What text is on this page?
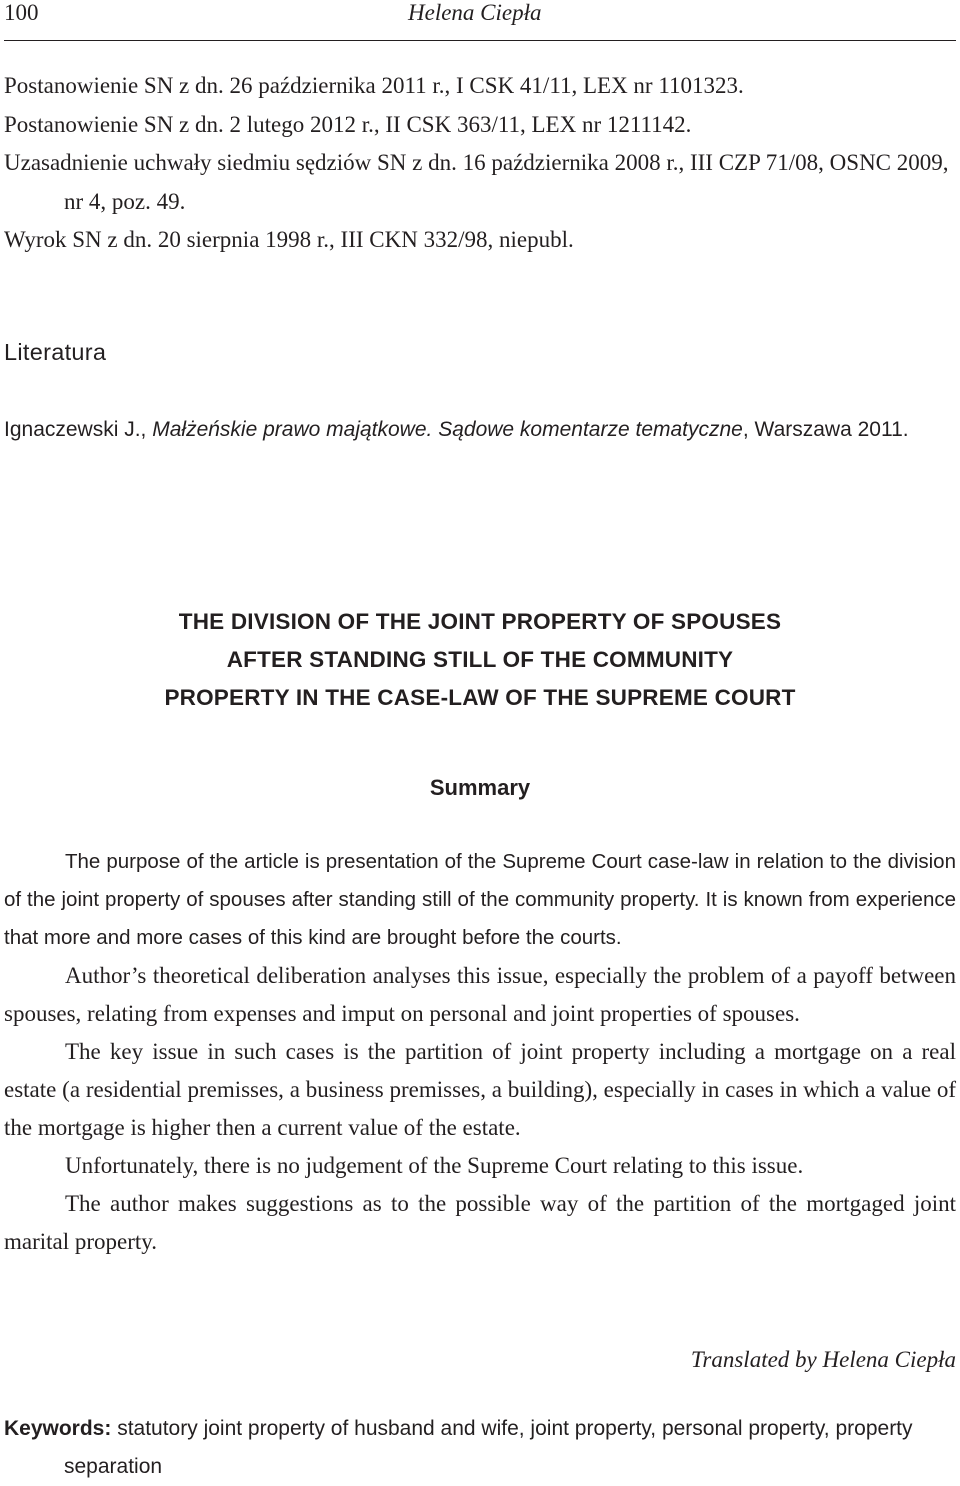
100	Helena Ciepła

Postanowienie SN z dn. 26 października 2011 r., I CSK 41/11, LEX nr 1101323.

Postanowienie SN z dn. 2 lutego 2012 r., II CSK 363/11, LEX nr 1211142.

Uzasadnienie uchwały siedmiu sędziów SN z dn. 16 października 2008 r., III CZP 71/08, OSNC 2009, nr 4, poz. 49.

Wyrok SN z dn. 20 sierpnia 1998 r., III CKN 332/98, niepubl.

Literatura

Ignaczewski J., Małżeńskie prawo majątkowe. Sądowe komentarze tematyczne, Warszawa 2011.

THE DIVISION OF THE JOINT PROPERTY OF SPOUSES
AFTER STANDING STILL OF THE COMMUNITY
PROPERTY IN THE CASE-LAW OF THE SUPREME COURT
Summary

The purpose of the article is presentation of the Supreme Court case-law in relation to the division of the joint property of spouses after standing still of the community property. It is known from experience that more and more cases of this kind are brought before the courts.

Author’s theoretical deliberation analyses this issue, especially the problem of a payoff between spouses, relating from expenses and imput on personal and joint properties of spouses.

The key issue in such cases is the partition of joint property including a mortgage on a real estate (a residential premisses, a business premisses, a building), especially in cases in which a value of the mortgage is higher then a current value of the estate.

Unfortunately, there is no judgement of the Supreme Court relating to this issue.

The author makes suggestions as to the possible way of the partition of the mortgaged joint marital property.

Translated by Helena Ciepła

Keywords: statutory joint property of husband and wife, joint property, personal property, property separation
